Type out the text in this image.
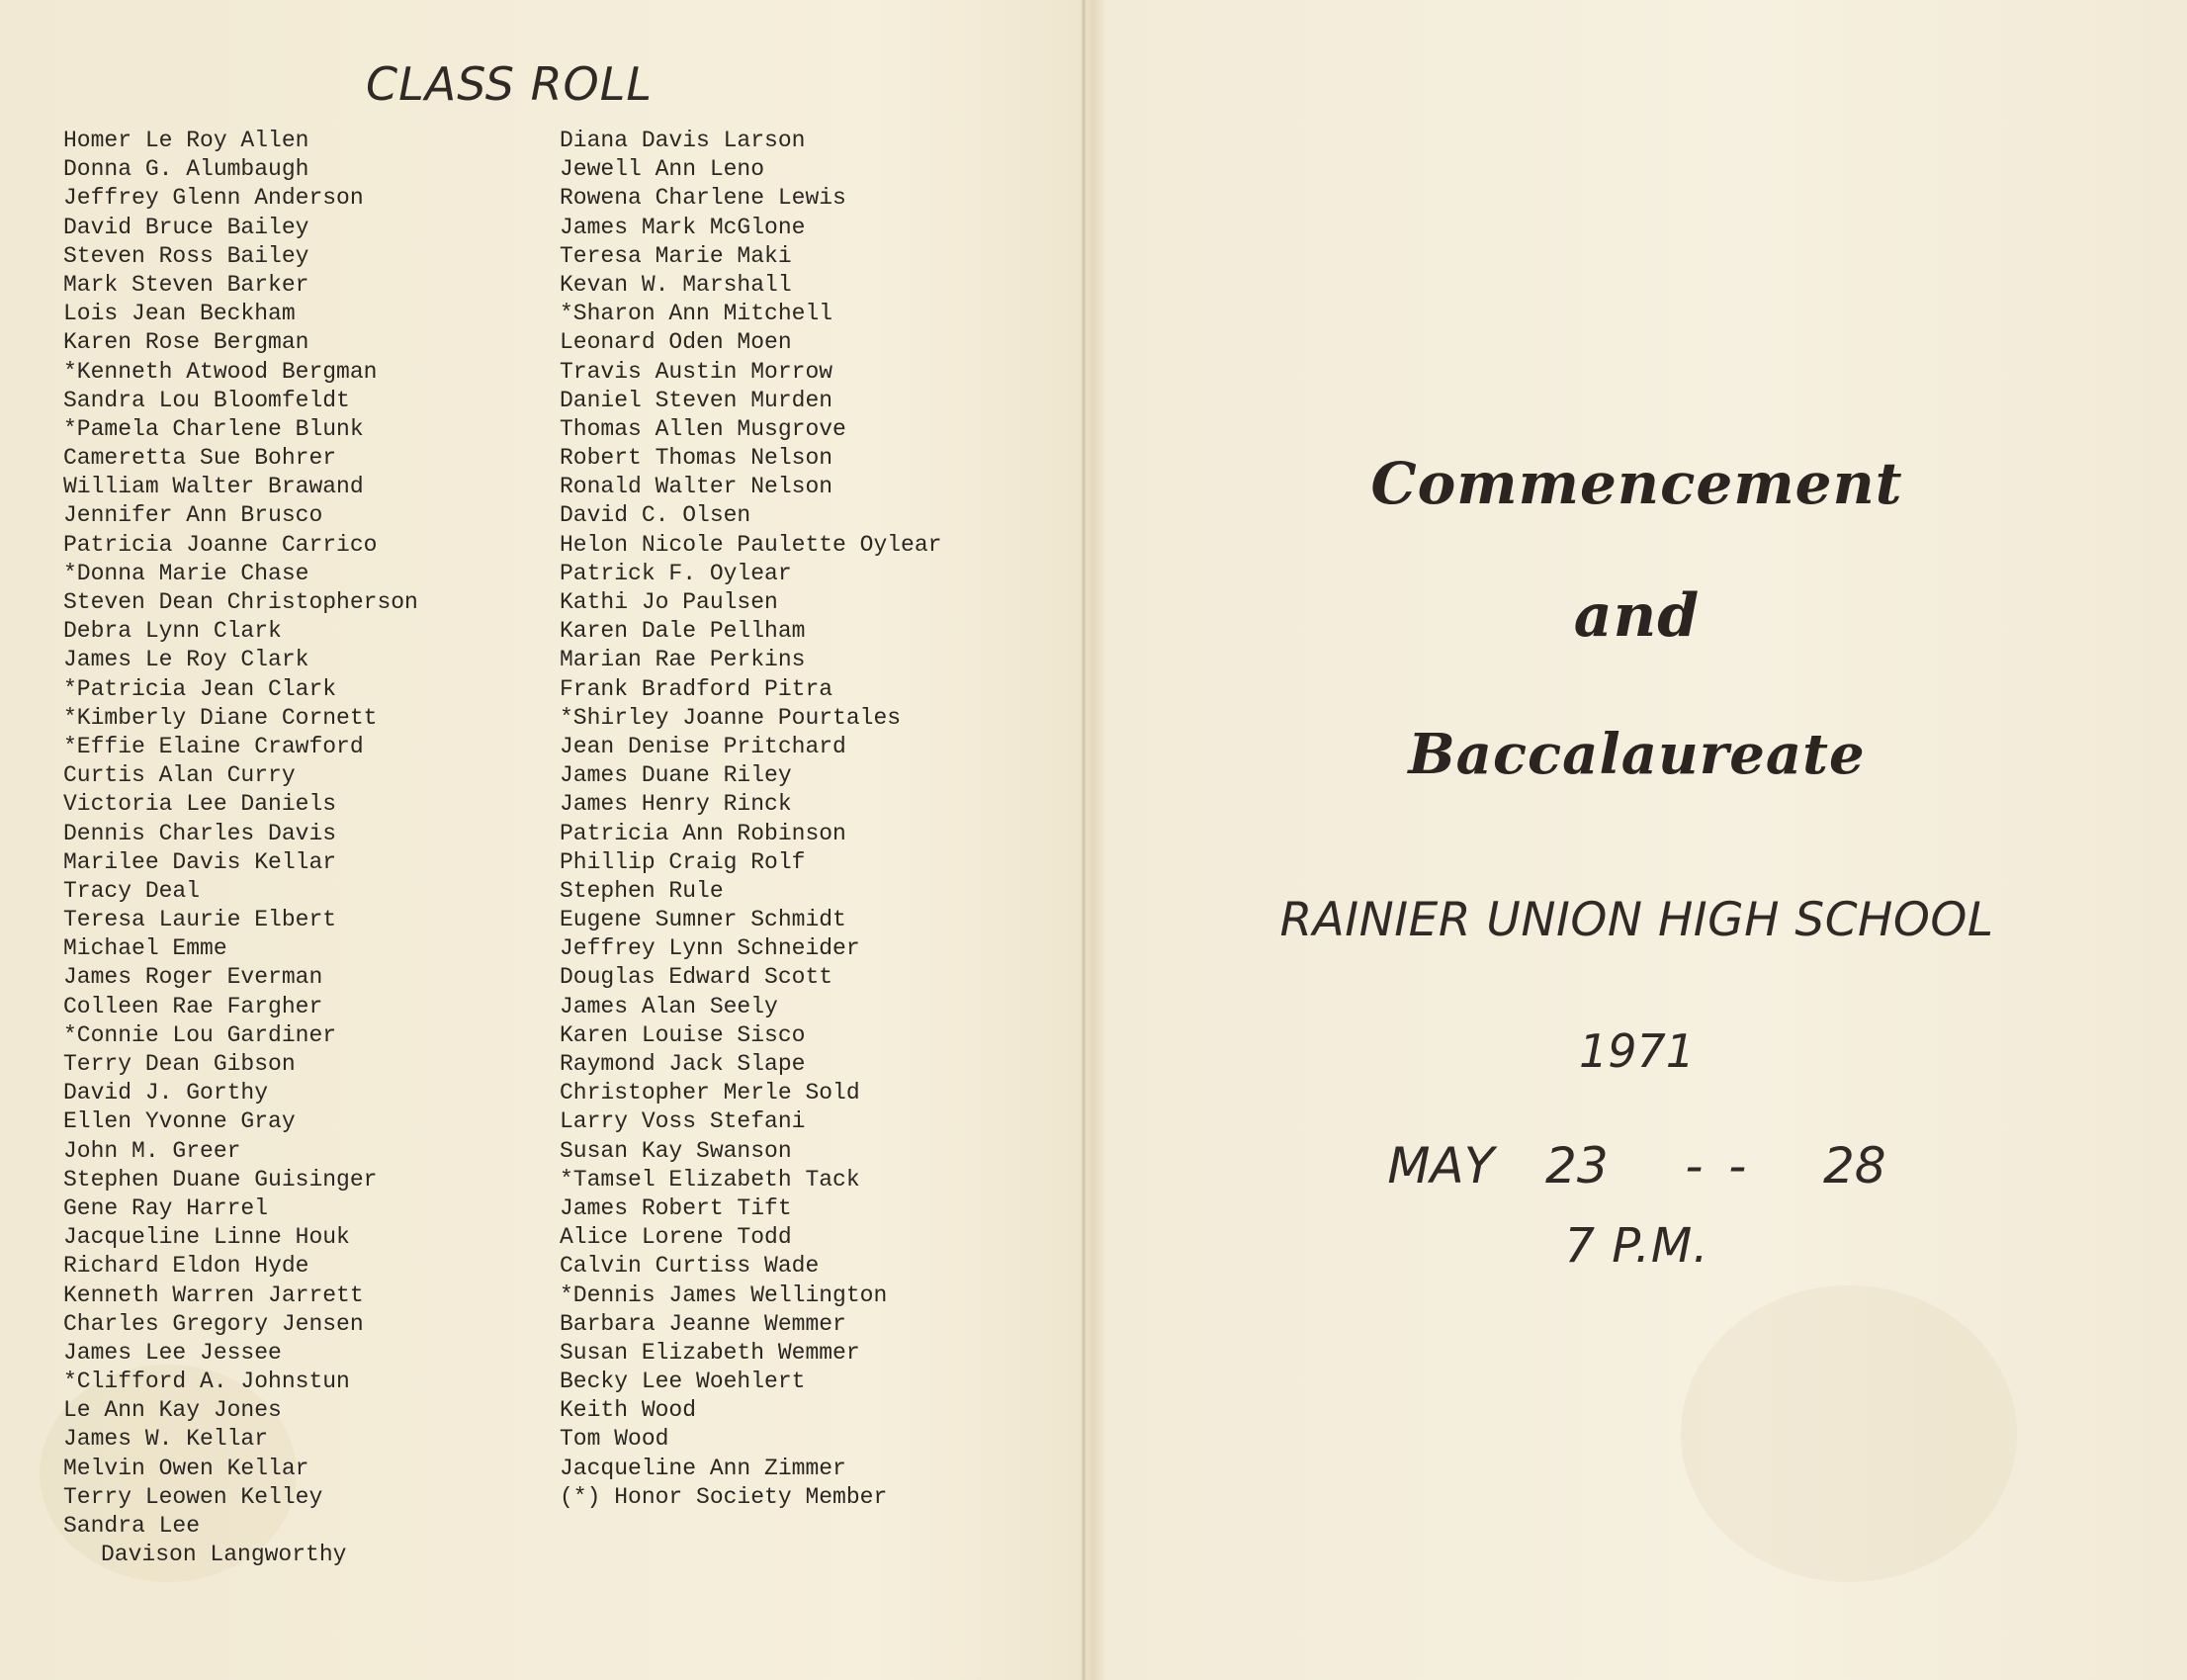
CLASS ROLL
Homer Le Roy Allen
Donna G. Alumbaugh
Jeffrey Glenn Anderson
David Bruce Bailey
Steven Ross Bailey
Mark Steven Barker
Lois Jean Beckham
Karen Rose Bergman
*Kenneth Atwood Bergman
Sandra Lou Bloomfeldt
*Pamela Charlene Blunk
Cameretta Sue Bohrer
William Walter Brawand
Jennifer Ann Brusco
Patricia Joanne Carrico
*Donna Marie Chase
Steven Dean Christopherson
Debra Lynn Clark
James Le Roy Clark
*Patricia Jean Clark
*Kimberly Diane Cornett
*Effie Elaine Crawford
Curtis Alan Curry
Victoria Lee Daniels
Dennis Charles Davis
Marilee Davis Kellar
Tracy Deal
Teresa Laurie Elbert
Michael Emme
James Roger Everman
Colleen Rae Fargher
*Connie Lou Gardiner
Terry Dean Gibson
David J. Gorthy
Ellen Yvonne Gray
John M. Greer
Stephen Duane Guisinger
Gene Ray Harrel
Jacqueline Linne Houk
Richard Eldon Hyde
Kenneth Warren Jarrett
Charles Gregory Jensen
James Lee Jessee
*Clifford A. Johnstun
Le Ann Kay Jones
James W. Kellar
Melvin Owen Kellar
Terry Leowen Kelley
Sandra Lee
Davison Langworthy
Diana Davis Larson
Jewell Ann Leno
Rowena Charlene Lewis
James Mark McGlone
Teresa Marie Maki
Kevan W. Marshall
*Sharon Ann Mitchell
Leonard Oden Moen
Travis Austin Morrow
Daniel Steven Murden
Thomas Allen Musgrove
Robert Thomas Nelson
Ronald Walter Nelson
David C. Olsen
Helon Nicole Paulette Oylear
Patrick F. Oylear
Kathi Jo Paulsen
Karen Dale Pellham
Marian Rae Perkins
Frank Bradford Pitra
*Shirley Joanne Pourtales
Jean Denise Pritchard
James Duane Riley
James Henry Rinck
Patricia Ann Robinson
Phillip Craig Rolf
Stephen Rule
Eugene Sumner Schmidt
Jeffrey Lynn Schneider
Douglas Edward Scott
James Alan Seely
Karen Louise Sisco
Raymond Jack Slape
Christopher Merle Sold
Larry Voss Stefani
Susan Kay Swanson
*Tamsel Elizabeth Tack
James Robert Tift
Alice Lorene Todd
Calvin Curtiss Wade
*Dennis James Wellington
Barbara Jeanne Wemmer
Susan Elizabeth Wemmer
Becky Lee Woehlert
Keith Wood
Tom Wood
Jacqueline Ann Zimmer
(*) Honor Society Member
Commencement
and
Baccalaureate
RAINIER UNION HIGH SCHOOL
1971
MAY  23   - -   28
7 P.M.
